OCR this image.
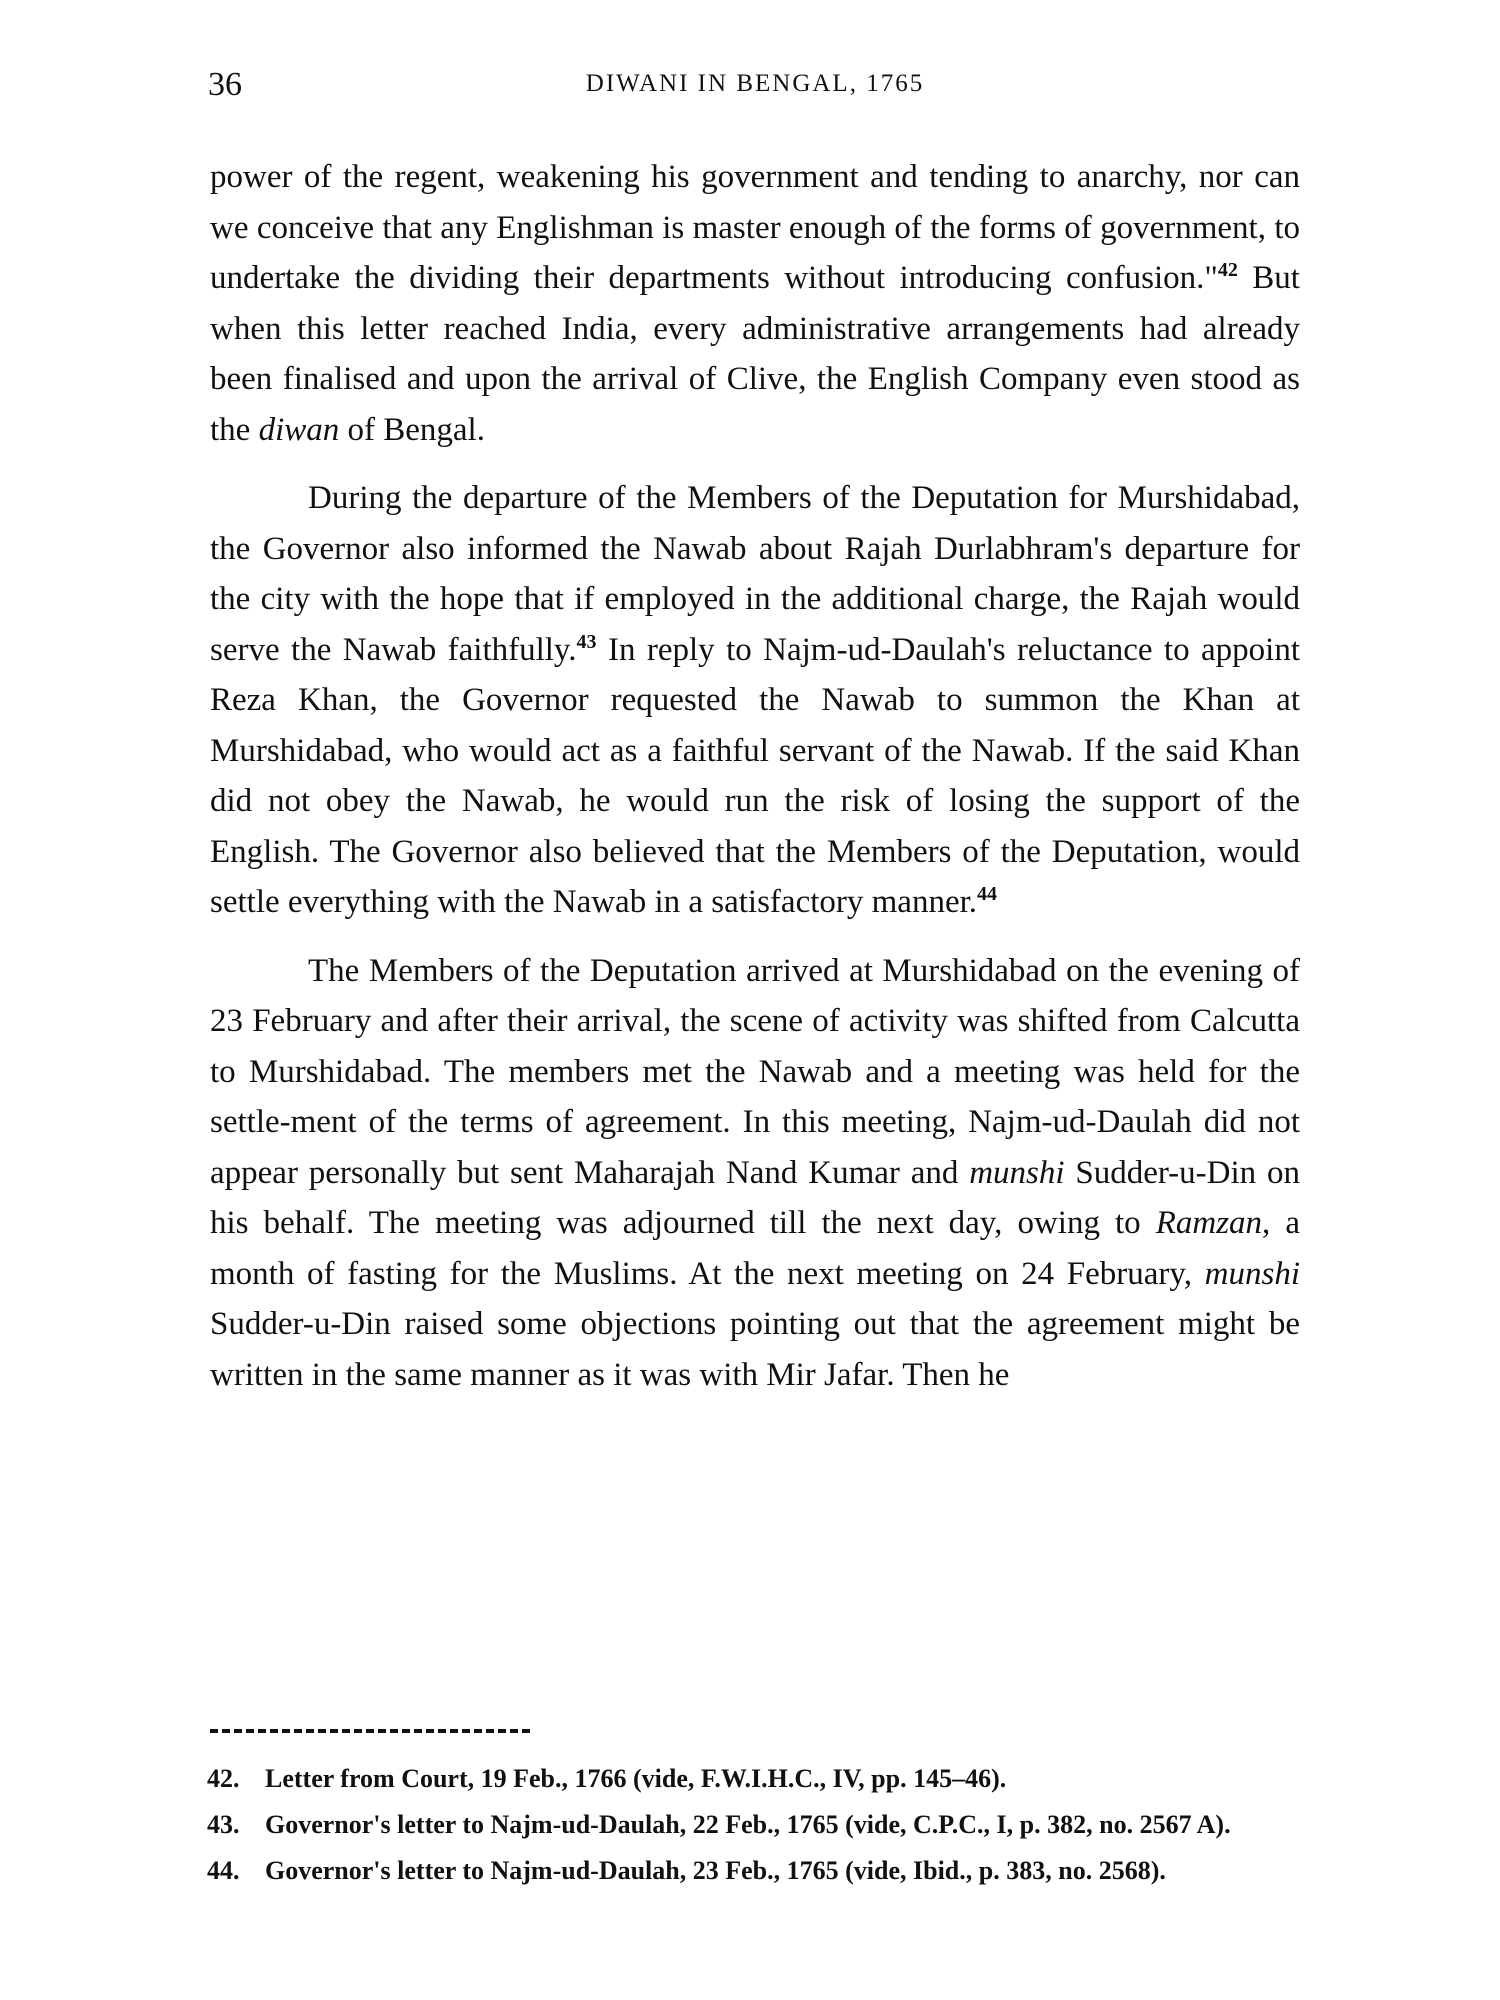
36	DIWANI IN BENGAL, 1765

power of the regent, weakening his government and tending to anarchy, nor can we conceive that any Englishman is master enough of the forms of government, to undertake the dividing their departments without introducing confusion."$^{42}$ But when this letter reached India, every administrative arrangements had already been finalised and upon the arrival of Clive, the English Company even stood as the diwan of Bengal.

During the departure of the Members of the Deputation for Murshidabad, the Governor also informed the Nawab about Rajah Durlabhram's departure for the city with the hope that if employed in the additional charge, the Rajah would serve the Nawab faithfully.$^{43}$ In reply to Najm-ud-Daulah's reluctance to appoint Reza Khan, the Governor requested the Nawab to summon the Khan at Murshidabad, who would act as a faithful servant of the Nawab. If the said Khan did not obey the Nawab, he would run the risk of losing the support of the English. The Governor also believed that the Members of the Deputation, would settle everything with the Nawab in a satisfactory manner.$^{44}$

The Members of the Deputation arrived at Murshidabad on the evening of 23 February and after their arrival, the scene of activity was shifted from Calcutta to Murshidabad. The members met the Nawab and a meeting was held for the settle-ment of the terms of agreement. In this meeting, Najm-ud-Daulah did not appear personally but sent Maharajah Nand Kumar and munshi Sudder-u-Din on his behalf. The meeting was adjourned till the next day, owing to Ramzan, a month of fasting for the Muslims. At the next meeting on 24 February, munshi Sudder-u-Din raised some objections pointing out that the agreement might be written in the same manner as it was with Mir Jafar. Then he

42. Letter from Court, 19 Feb., 1766 (vide, F.W.I.H.C., IV, pp. 145–46).

43. Governor's letter to Najm-ud-Daulah, 22 Feb., 1765 (vide, C.P.C., I, p. 382, no. 2567 A).

44. Governor's letter to Najm-ud-Daulah, 23 Feb., 1765 (vide, Ibid., p. 383, no. 2568).
